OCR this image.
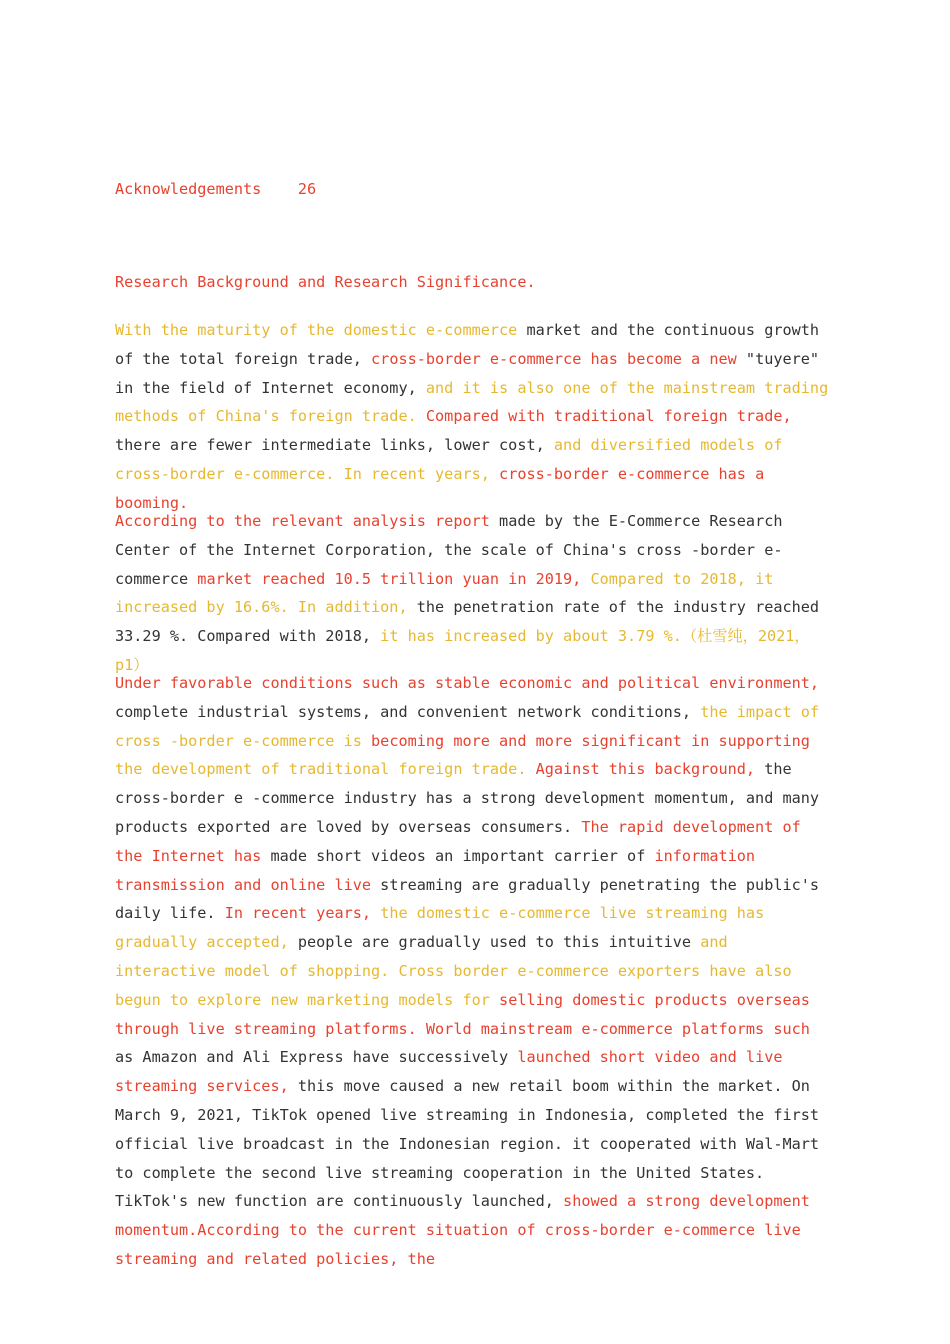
Acknowledgements 26
Research Background and Research Significance.

With the maturity of the domestic e-commerce market and the continuous growth of the total foreign trade, cross-border e-commerce has become a new "tuyere" in the field of Internet economy, and it is also one of the mainstream trading methods of China's foreign trade. Compared with traditional foreign trade, there are fewer intermediate links, lower cost, and diversified models of cross-border e-commerce. In recent years, cross-border e-commerce has a booming.

According to the relevant analysis report made by the E-Commerce Research Center of the Internet Corporation, the scale of China's cross -border e-commerce market reached 10.5 trillion yuan in 2019, Compared to 2018, it increased by 16.6%. In addition, the penetration rate of the industry reached 33.29 %. Compared with 2018, it has increased by about 3.79 %.（杜雪纯，2021，p1）

Under favorable conditions such as stable economic and political environment, complete industrial systems, and convenient network conditions, the impact of cross -border e-commerce is becoming more and more significant in supporting the development of traditional foreign trade. Against this background, the cross-border e -commerce industry has a strong development momentum, and many products exported are loved by overseas consumers. The rapid development of the Internet has made short videos an important carrier of information transmission and online live streaming are gradually penetrating the public's daily life. In recent years, the domestic e-commerce live streaming has gradually accepted, people are gradually used to this intuitive and interactive model of shopping. Cross border e-commerce exporters have also begun to explore new marketing models for selling domestic products overseas through live streaming platforms. World mainstream e-commerce platforms such as Amazon and Ali Express have successively launched short video and live streaming services, this move caused a new retail boom within the market. On March 9, 2021, TikTok opened live streaming in Indonesia, completed the first official live broadcast in the Indonesian region. it cooperated with Wal-Mart to complete the second live streaming cooperation in the United States. TikTok's new function are continuously launched, showed a strong development momentum.According to the current situation of cross-border e-commerce live streaming and related policies, the
